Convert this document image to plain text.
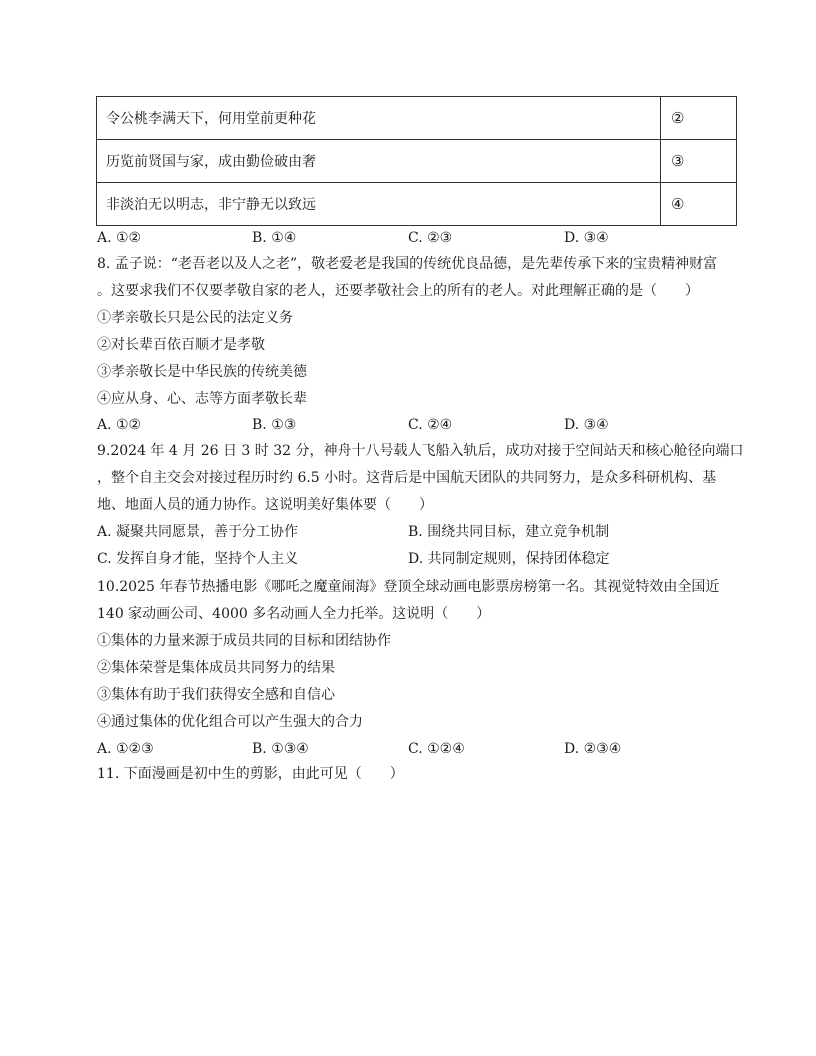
令公桃李满天下，何用堂前更种花	②
历览前贤国与家，成由勤俭破由奢	③
非淡泊无以明志，非宁静无以致远	④
A. ①②	B. ①④	C. ②③	D. ③④
8. 孟子说：“老吾老以及人之老”，敬老爱老是我国的传统优良品德，是先辈传承下来的宝贵精神财富
。这要求我们不仅要孝敬自家的老人，还要孝敬社会上的所有的老人。对此理解正确的是（　　）
①孝亲敬长只是公民的法定义务
②对长辈百依百顺才是孝敬
③孝亲敬长是中华民族的传统美德
④应从身、心、志等方面孝敬长辈
A. ①②	B. ①③	C. ②④	D. ③④
9.2024 年 4 月 26 日 3 时 32 分，神舟十八号载人飞船入轨后，成功对接于空间站天和核心舱径向端口
，整个自主交会对接过程历时约 6.5 小时。这背后是中国航天团队的共同努力，是众多科研机构、基
地、地面人员的通力协作。这说明美好集体要（　　）
A. 凝聚共同愿景，善于分工协作	B. 围绕共同目标，建立竞争机制
C. 发挥自身才能，坚持个人主义	D. 共同制定规则，保持团体稳定
10.2025 年春节热播电影《哪吒之魔童闹海》登顶全球动画电影票房榜第一名。其视觉特效由全国近
140 家动画公司、4000 多名动画人全力托举。这说明（　　）
①集体的力量来源于成员共同的目标和团结协作
②集体荣誉是集体成员共同努力的结果
③集体有助于我们获得安全感和自信心
④通过集体的优化组合可以产生强大的合力
A. ①②③	B. ①③④	C. ①②④	D. ②③④
11. 下面漫画是初中生的剪影，由此可见（　　）
